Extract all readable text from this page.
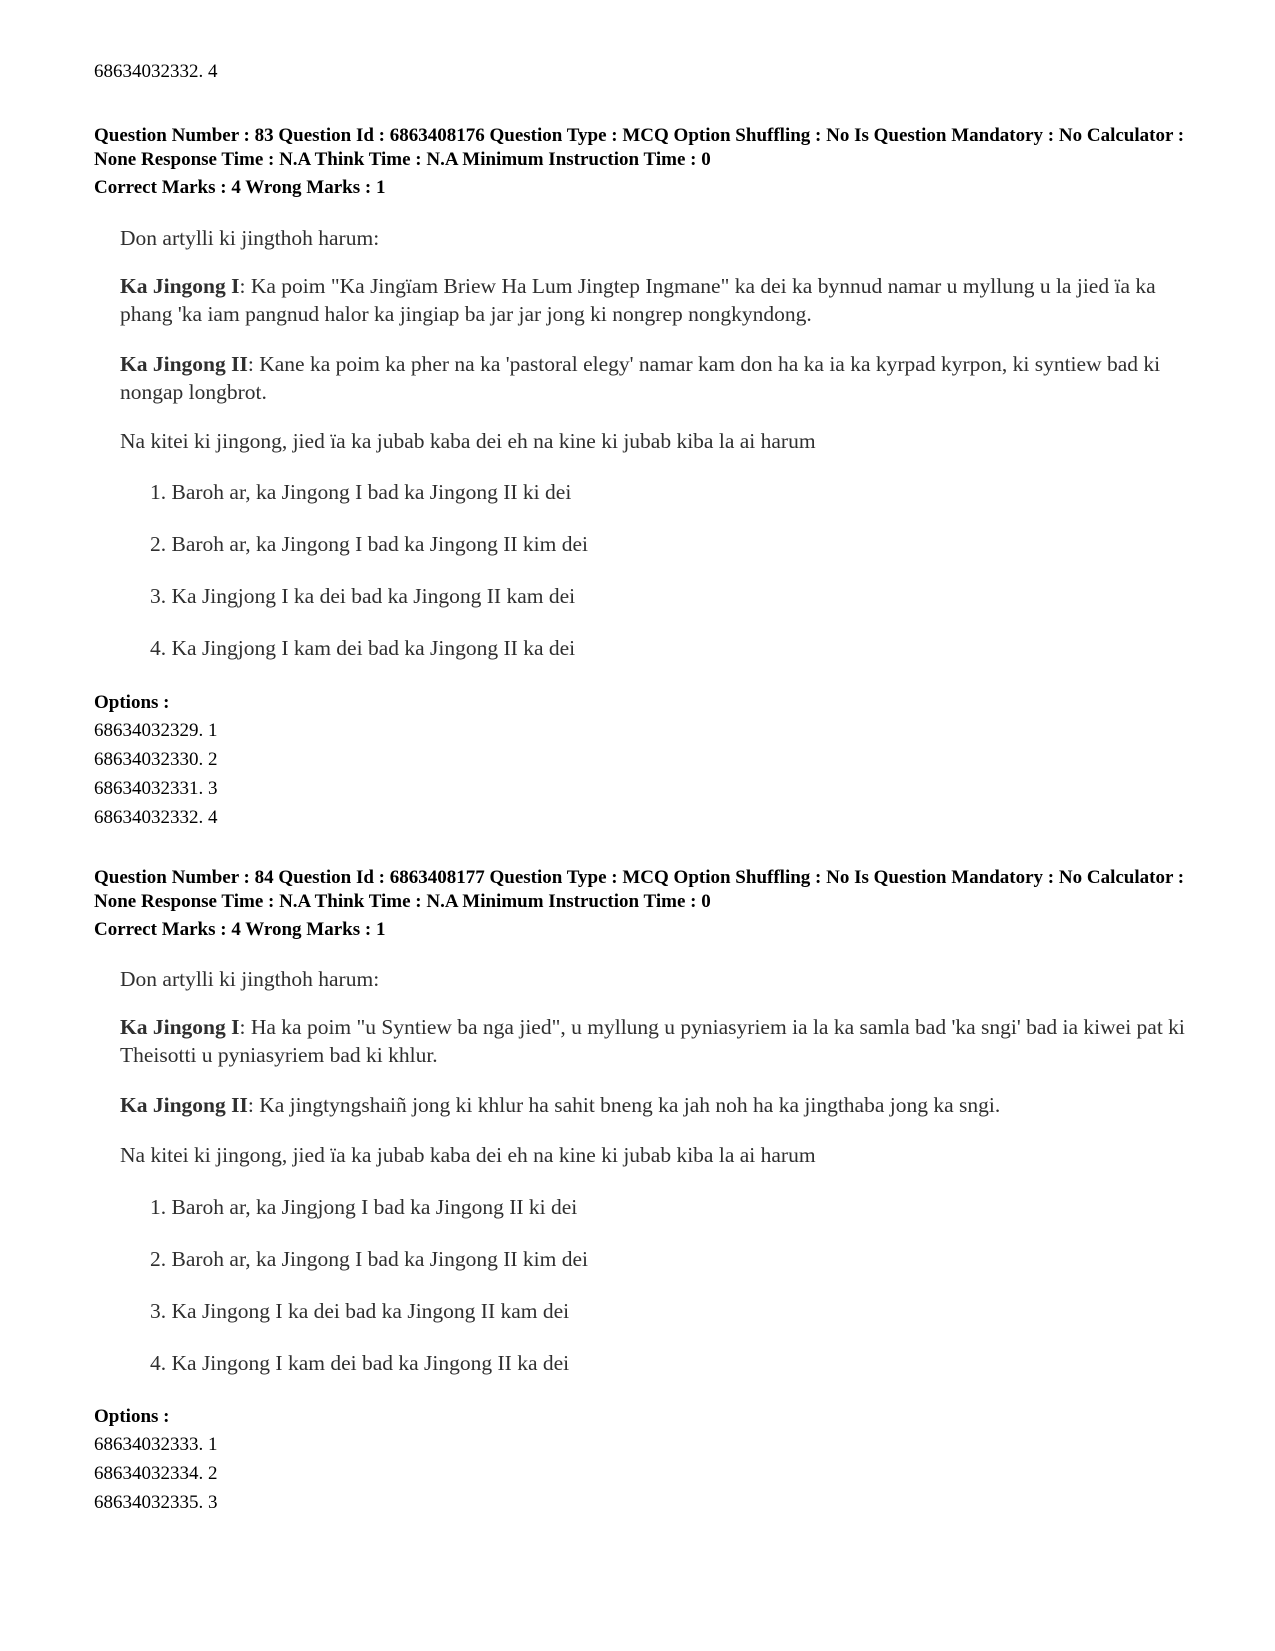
68634032332. 4
Question Number : 83 Question Id : 6863408176 Question Type : MCQ Option Shuffling : No Is Question Mandatory : No Calculator : None Response Time : N.A Think Time : N.A Minimum Instruction Time : 0
Correct Marks : 4 Wrong Marks : 1
Don artylli ki jingthoh harum:
Ka Jingong I: Ka poim "Ka Jingïam Briew Ha Lum Jingtep Ingmane" ka dei ka bynnud namar u myllung u la jied ïa ka phang 'ka iam pangnud halor ka jingiap ba jar jar jong ki nongrep nongkyndong.
Ka Jingong II: Kane ka poim ka pher na ka 'pastoral elegy' namar kam don ha ka ia ka kyrpad kyrpon, ki syntiew bad ki nongap longbrot.
Na kitei ki jingong, jied ïa ka jubab kaba dei eh na kine ki jubab kiba la ai harum
1. Baroh ar, ka Jingong I bad ka Jingong II ki dei
2. Baroh ar, ka Jingong I bad ka Jingong II kim dei
3. Ka Jingjong I ka dei bad ka Jingong II kam dei
4. Ka Jingjong I kam dei bad ka Jingong II ka dei
Options :
68634032329. 1
68634032330. 2
68634032331. 3
68634032332. 4
Question Number : 84 Question Id : 6863408177 Question Type : MCQ Option Shuffling : No Is Question Mandatory : No Calculator : None Response Time : N.A Think Time : N.A Minimum Instruction Time : 0
Correct Marks : 4 Wrong Marks : 1
Don artylli ki jingthoh harum:
Ka Jingong I: Ha ka poim "u Syntiew ba nga jied", u myllung u pyniasyriem ia la ka samla bad 'ka sngi' bad ia kiwei pat ki Theisotti u pyniasyriem bad ki khlur.
Ka Jingong II: Ka jingtyngshaiñ jong ki khlur ha sahit bneng ka jah noh ha ka jingthaba jong ka sngi.
Na kitei ki jingong, jied ïa ka jubab kaba dei eh na kine ki jubab kiba la ai harum
1. Baroh ar, ka Jingjong I bad ka Jingong II ki dei
2. Baroh ar, ka Jingong I bad ka Jingong II kim dei
3. Ka Jingong I ka dei bad ka Jingong II kam dei
4. Ka Jingong I kam dei bad ka Jingong II ka dei
Options :
68634032333. 1
68634032334. 2
68634032335. 3
